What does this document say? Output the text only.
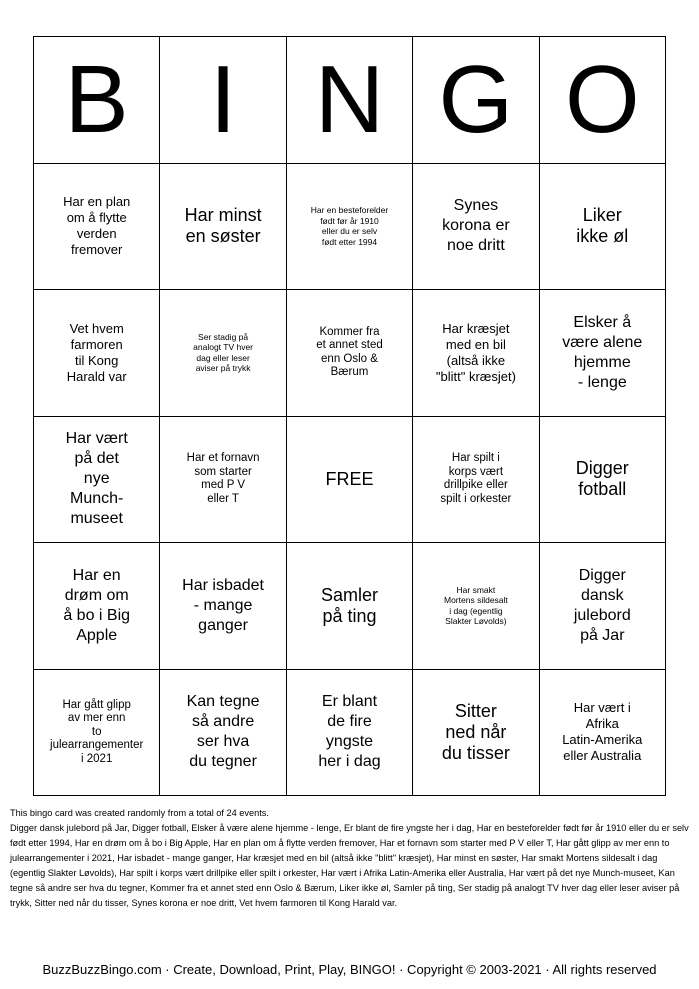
B I N G O
Har en plan
om å flytte
verden
fremover
Har minst
en søster
Har en besteforelder
født før år 1910
eller du er selv
født etter 1994
Synes
korona er
noe dritt
Liker
ikke øl
Vet hvem
farmoren
til Kong
Harald var
Ser stadig på
analogt TV hver
dag eller leser
aviser på trykk
Kommer fra
et annet sted
enn Oslo &
Bærum
Har kræsjet
med en bil
(altså ikke
"blitt" kræsjet)
Elsker å
være alene
hjemme
- lenge
Har vært
på det
nye
Munch-museet
Har et fornavn
som starter
med P V
eller T
FREE
Har spilt i
korps vært
drillpike eller
spilt i orkester
Digger
fotball
Har en
drøm om
å bo i Big
Apple
Har isbadet
- mange
ganger
Samler
på ting
Har smakt
Mortens sildesalt
i dag (egentlig
Slakter Løvolds)
Digger
dansk
julebord
på Jar
Har gått glipp
av mer enn
to julearrangementer
i 2021
Kan tegne
så andre
ser hva
du tegner
Er blant
de fire
yngste
her i dag
Sitter
ned når
du tisser
Har vært i
Afrika
Latin-Amerika
eller Australia

This bingo card was created randomly from a total of 24 events.

Digger dansk julebord på Jar, Digger fotball, Elsker å være alene hjemme - lenge, Er blant de fire yngste her i dag, Har en besteforelder født før år 1910 eller du er selv født etter 1994, Har en drøm om å bo i Big Apple, Har en plan om å flytte verden fremover, Har et fornavn som starter med P V eller T, Har gått glipp av mer enn to julearrangementer i 2021, Har isbadet - mange ganger, Har kræsjet med en bil (altså ikke "blitt" kræsjet), Har minst en søster, Har smakt Mortens sildesalt i dag (egentlig Slakter Løvolds), Har spilt i korps vært drillpike eller spilt i orkester, Har vært i Afrika Latin-Amerika eller Australia, Har vært på det nye Munch-museet, Kan tegne så andre ser hva du tegner, Kommer fra et annet sted enn Oslo & Bærum, Liker ikke øl, Samler på ting, Ser stadig på analogt TV hver dag eller leser aviser på trykk, Sitter ned når du tisser, Synes korona er noe dritt, Vet hvem farmoren til Kong Harald var.

BuzzBuzzBingo.com · Create, Download, Print, Play, BINGO! · Copyright © 2003-2021 · All rights reserved
